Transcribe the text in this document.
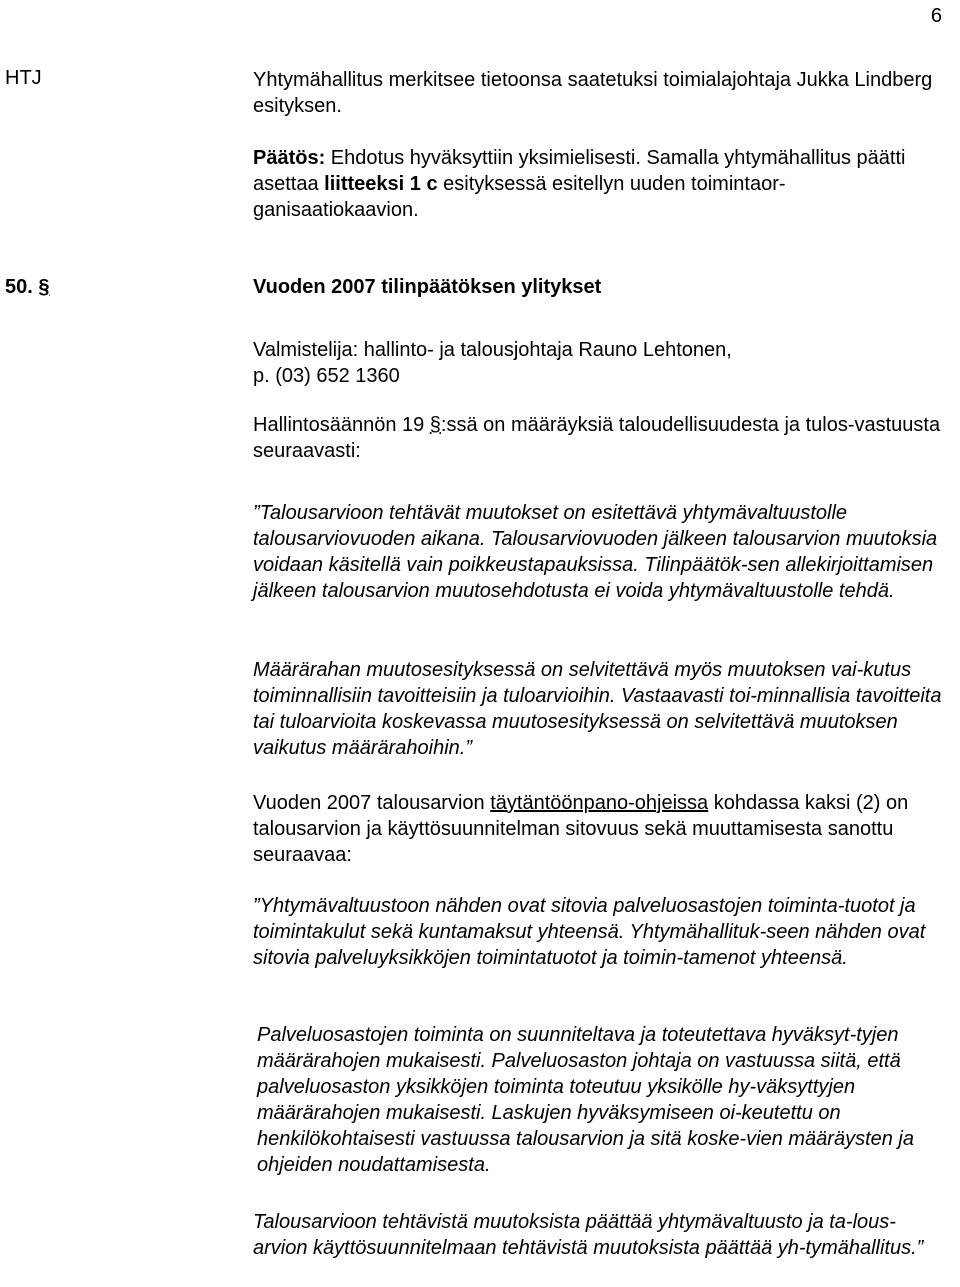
6
HTJ	Yhtymähallitus merkitsee tietoonsa saatetuksi toimialajohtaja Jukka Lindberg esityksen.

Päätös: Ehdotus hyväksyttiin yksimielisesti. Samalla yhtymähallitus päätti asettaa liitteeksi 1 c esityksessä esitellyn uuden toimintaor-ganisaatiokaavion.

50. §	Vuoden 2007 tilinpäätöksen ylitykset

Valmistelija: hallinto- ja talousjohtaja Rauno Lehtonen,

p. (03) 652 1360

Hallintosäännön 19 §:ssä on määräyksiä taloudellisuudesta ja tulos-vastuusta seuraavasti:

”Talousarvioon tehtävät muutokset on esitettävä yhtymävaltuustolle talousarviovuoden aikana. Talousarviovuoden jälkeen talousarvion muutoksia voidaan käsitellä vain poikkeustapauksissa. Tilinpäätök-sen allekirjoittamisen jälkeen talousarvion muutosehdotusta ei voida yhtymävaltuustolle tehdä.

Määrärahan muutosesityksessä on selvitettävä myös muutoksen vai-kutus toiminnallisiin tavoitteisiin ja tuloarvioihin. Vastaavasti toi-minnallisia tavoitteita tai tuloarvioita koskevassa muutosesityksessä on selvitettävä muutoksen vaikutus määrärahoihin.”

Vuoden 2007 talousarvion täytäntöönpano-ohjeissa kohdassa kaksi (2) on talousarvion ja käyttösuunnitelman sitovuus sekä muuttamisesta sanottu seuraavaa:

”Yhtymävaltuustoon nähden ovat sitovia palveluosastojen toiminta-tuotot ja toimintakulut sekä kuntamaksut yhteensä. Yhtymähallituk-seen nähden ovat sitovia palveluyksikköjen toimintatuotot ja toimin-tamenot yhteensä.

Palveluosastojen toiminta on suunniteltava ja toteutettava hyväksyt-tyjen määrärahojen mukaisesti. Palveluosaston johtaja on vastuussa siitä, että palveluosaston yksikköjen toiminta toteutuu yksikölle hy-väksyttyjen määrärahojen mukaisesti. Laskujen hyväksymiseen oi-keutettu on henkilökohtaisesti vastuussa talousarvion ja sitä koske-vien määräysten ja ohjeiden noudattamisesta.

Talousarvioon tehtävistä muutoksista päättää yhtymävaltuusto ja ta-lous-arvion käyttösuunnitelmaan tehtävistä muutoksista päättää yh-tymähallitus.”
